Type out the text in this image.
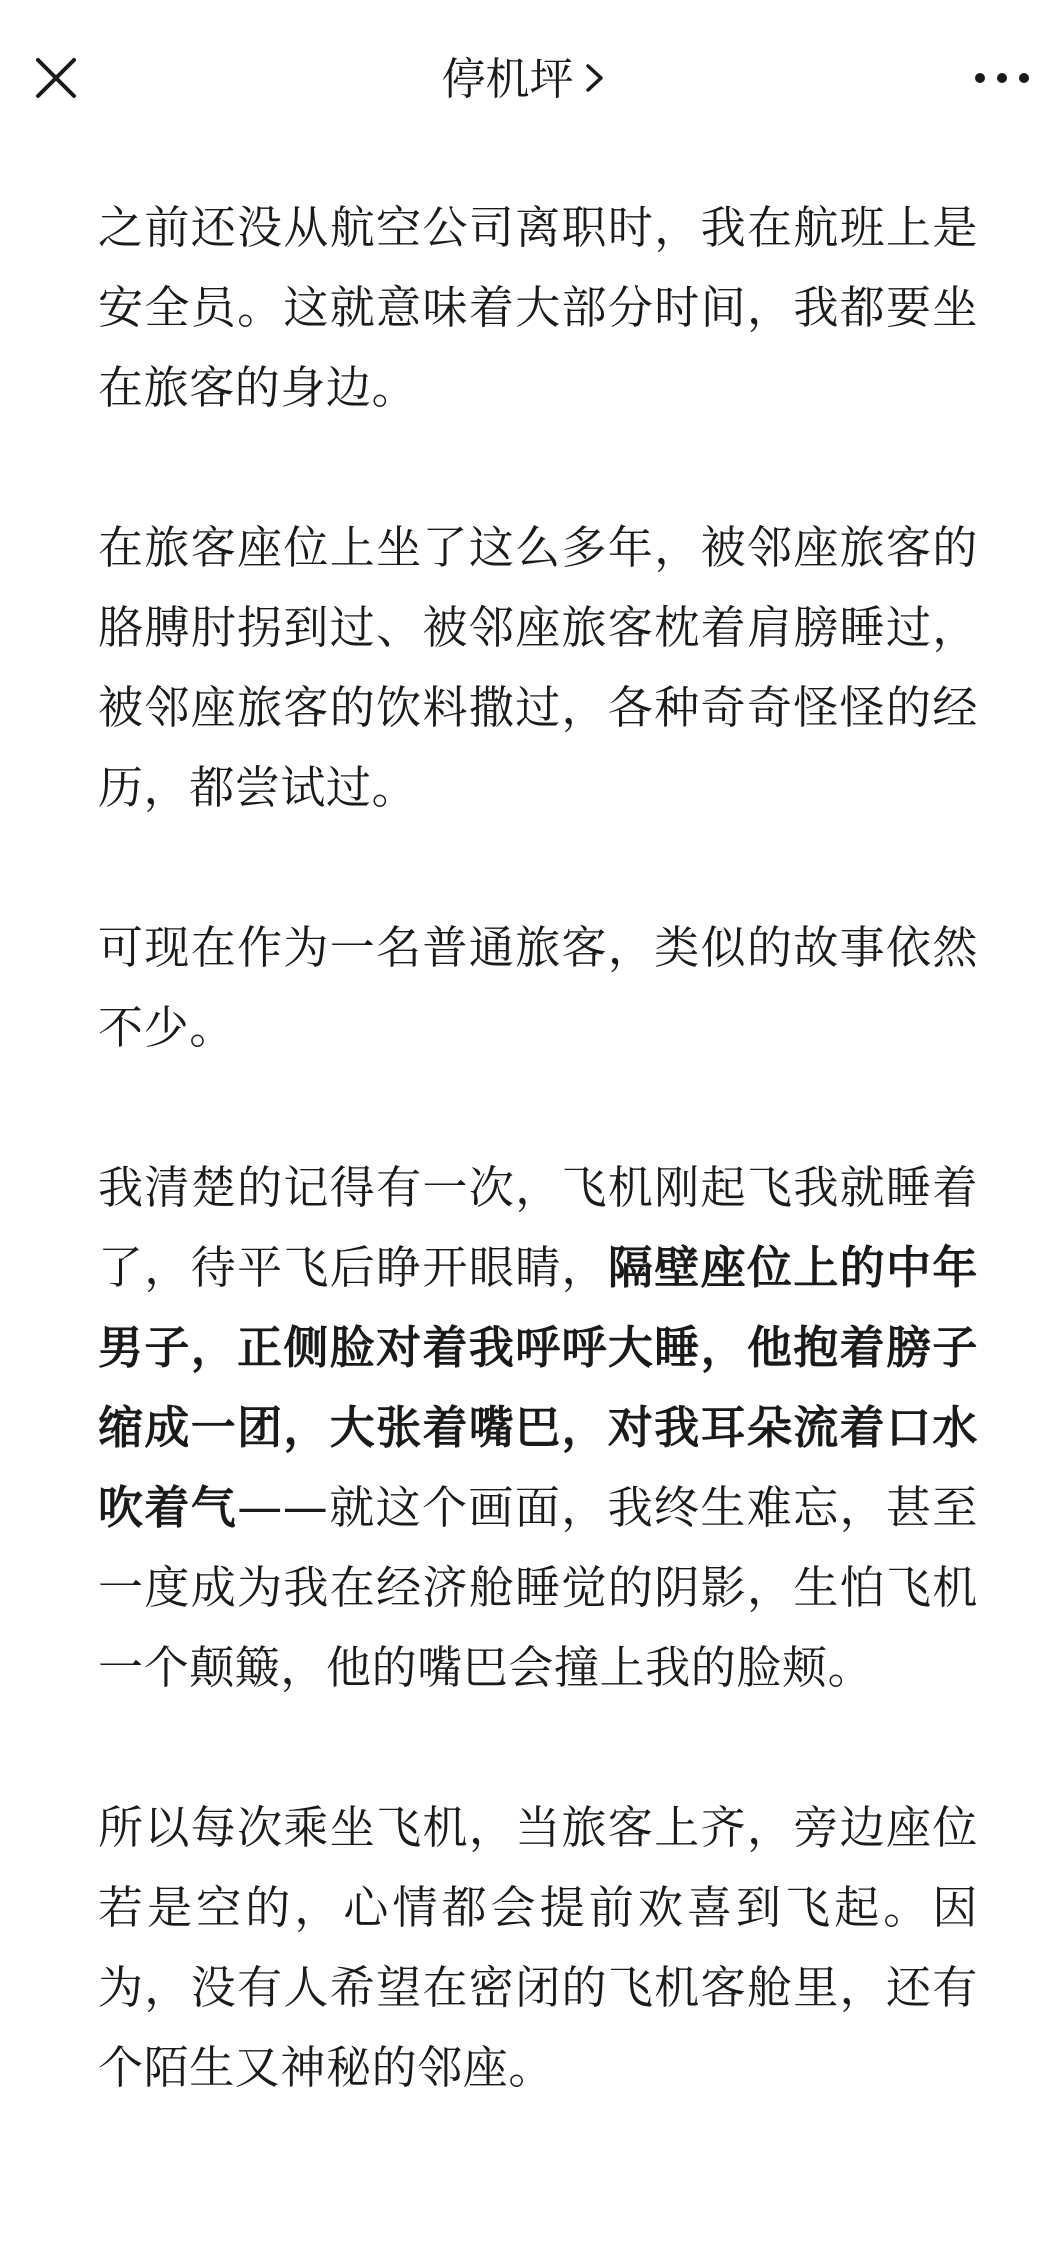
停机坪

之前还没从航空公司离职时，我在航班上是安全员。这就意味着大部分时间，我都要坐在旅客的身边。

在旅客座位上坐了这么多年，被邻座旅客的胳膊肘拐到过、被邻座旅客枕着肩膀睡过，被邻座旅客的饮料撒过，各种奇奇怪怪的经历，都尝试过。

可现在作为一名普通旅客，类似的故事依然不少。

我清楚的记得有一次，飞机刚起飞我就睡着了，待平飞后睁开眼睛，隔壁座位上的中年男子，正侧脸对着我呼呼大睡，他抱着膀子缩成一团，大张着嘴巴，对我耳朵流着口水吹着气——就这个画面，我终生难忘，甚至一度成为我在经济舱睡觉的阴影，生怕飞机一个颠簸，他的嘴巴会撞上我的脸颊。

所以每次乘坐飞机，当旅客上齐，旁边座位若是空的，心情都会提前欢喜到飞起。因为，没有人希望在密闭的飞机客舱里，还有个陌生又神秘的邻座。
